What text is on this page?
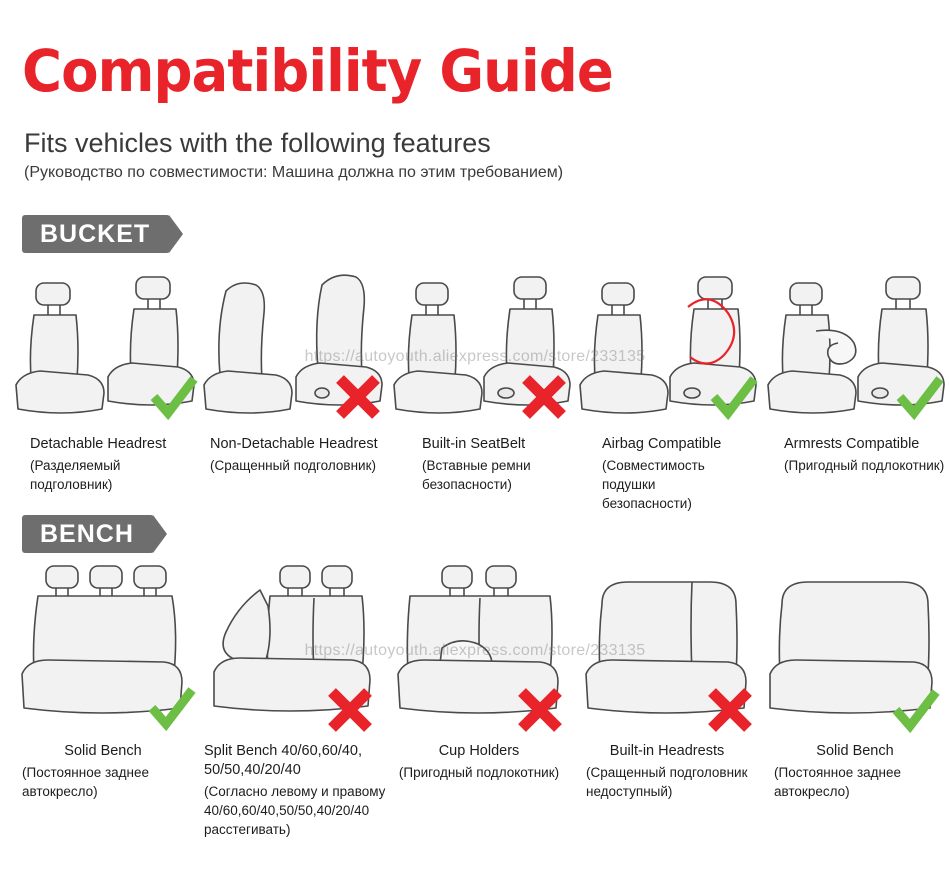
Compatibility Guide
Fits vehicles with the following features
(Руководство по совместимости: Машина должна по этим требованием)
BUCKET
Detachable Headrest
(Разделяемый подголовник)
Non-Detachable Headrest
(Сращенный подголовник)
Built-in SeatBelt
(Вставные ремни безопасности)
Airbag Compatible
(Совместимость подушки безопасности)
Armrests Compatible
(Пригодный подлокотник)
https://autoyouth.aliexpress.com/store/233135
BENCH
Solid Bench
(Постоянное заднее автокресло)
Split Bench 40/60,60/40, 50/50,40/20/40
(Согласно левому и правому 40/60,60/40,50/50,40/20/40 расстегивать)
Cup Holders
(Пригодный подлокотник)
Built-in Headrests
(Сращенный подголовник недоступный)
Solid Bench
(Постоянное заднее автокресло)
https://autoyouth.aliexpress.com/store/233135
